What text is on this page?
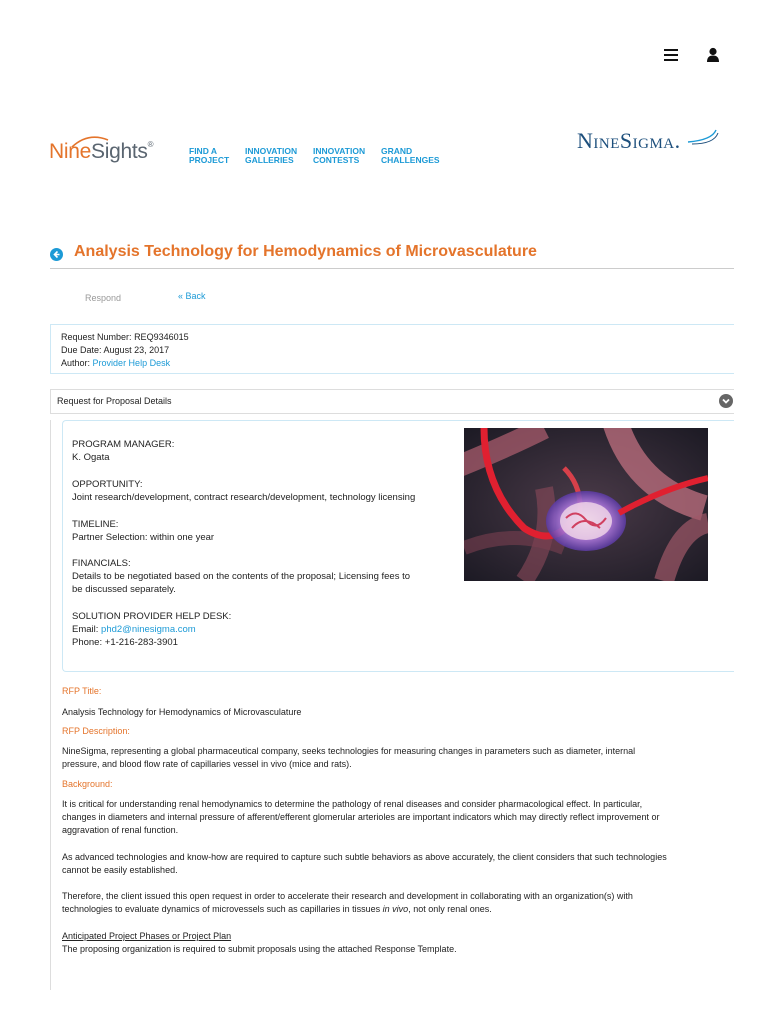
NineSights®
FIND A
PROJECT
INNOVATION
GALLERIES
INNOVATION
CONTESTS
GRAND
CHALLENGES
NineSigma.
Analysis Technology for Hemodynamics of Microvasculature
Respond	« Back
Request Number: REQ9346015
Due Date: August 23, 2017
Author: Provider Help Desk
Request for Proposal Details
PROGRAM MANAGER:
K. Ogata
OPPORTUNITY:
Joint research/development, contract research/development, technology licensing
TIMELINE:
Partner Selection: within one year
FINANCIALS:
Details to be negotiated based on the contents of the proposal; Licensing fees to
be discussed separately.
SOLUTION PROVIDER HELP DESK:
Email: phd2@ninesigma.com
Phone: +1-216-283-3901
RFP Title:
Analysis Technology for Hemodynamics of Microvasculature
RFP Description:
NineSigma, representing a global pharmaceutical company, seeks technologies for measuring changes in parameters such as diameter, internal
pressure, and blood flow rate of capillaries vessel in vivo (mice and rats).
Background:
It is critical for understanding renal hemodynamics to determine the pathology of renal diseases and consider pharmacological effect. In particular,
changes in diameters and internal pressure of afferent/efferent glomerular arterioles are important indicators which may directly reflect improvement or
aggravation of renal function.
As advanced technologies and know-how are required to capture such subtle behaviors as above accurately, the client considers that such technologies
cannot be easily established.
Therefore, the client issued this open request in order to accelerate their research and development in collaborating with an organization(s) with
technologies to evaluate dynamics of microvessels such as capillaries in tissues in vivo, not only renal ones.
Anticipated Project Phases or Project Plan
The proposing organization is required to submit proposals using the attached Response Template.
